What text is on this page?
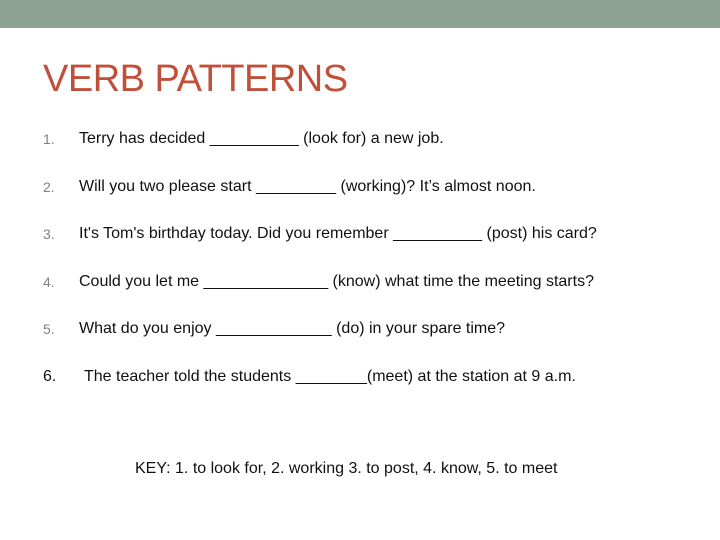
VERB PATTERNS
1. Terry has decided __________ (look for) a new job.
2. Will you two please start _________ (working)? It’s almost noon.
3. It's Tom's birthday today. Did you remember __________ (post) his card?
4. Could you let me ______________ (know) what time the meeting starts?
5. What do you enjoy _____________ (do) in your spare time?
6. The teacher told the students ________(meet) at the station at 9 a.m.
KEY: 1. to look for, 2. working 3. to post, 4. know, 5. to meet
